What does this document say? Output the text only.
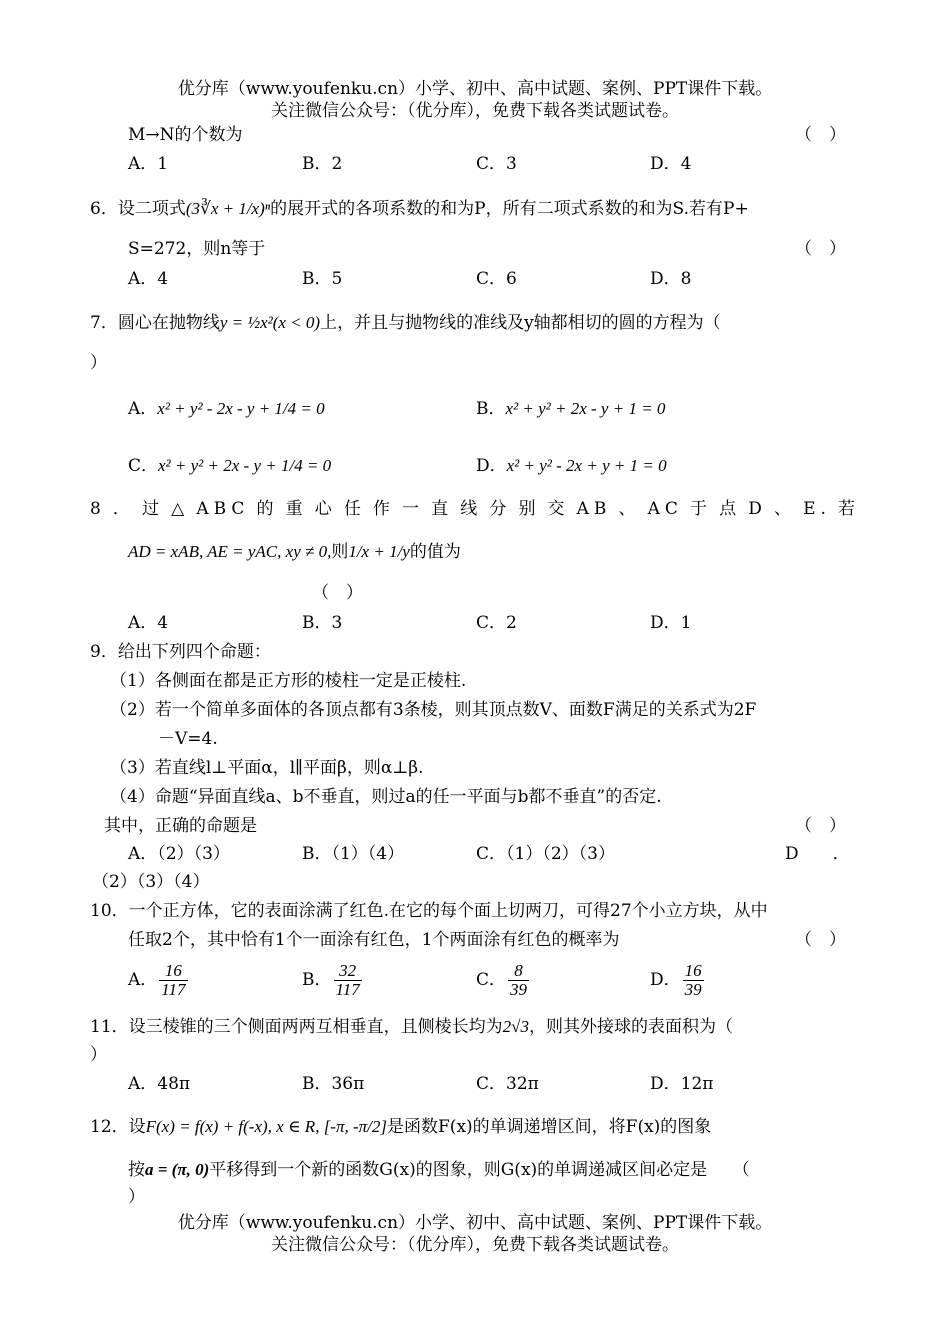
优分库（www.youfenku.cn）小学、初中、高中试题、案例、PPT课件下载。
关注微信公众号：（优分库），免费下载各类试题试卷。
M→N的个数为	（　）
A．1	B．2	C．3	D．4
6．设二项式(3∛x + 1/x)ⁿ的展开式的各项系数的和为P，所有二项式系数的和为S.若有P+
S=272，则n等于	（　）
A．4	B．5	C．6	D．8
7．圆心在抛物线y = ½x²(x < 0)上，并且与抛物线的准线及y轴都相切的圆的方程为（
）
A．x² + y² - 2x - y + 1/4 = 0	B．x² + y² + 2x - y + 1 = 0
C．x² + y² + 2x - y + 1/4 = 0	D．x² + y² - 2x + y + 1 = 0
8．过△ABC的重心任作一直线分别交AB、AC于点D、E.若
AD = xAB, AE = yAC, xy ≠ 0,则1/x + 1/y的值为
（　）
A．4	B．3	C．2	D．1
9．给出下列四个命题：
（1）各侧面在都是正方形的棱柱一定是正棱柱.
（2）若一个简单多面体的各顶点都有3条棱，则其顶点数V、面数F满足的关系式为2F
－V=4.
（3）若直线l⊥平面α，l∥平面β，则α⊥β.
（4）命题“异面直线a、b不垂直，则过a的任一平面与b都不垂直”的否定.
其中，正确的命题是	（　）
A．（2）（3）	B．（1）（4）	C．（1）（2）（3）	D　　．
（2）（3）（4）
10．一个正方体，它的表面涂满了红色.在它的每个面上切两刀，可得27个小立方块，从中
任取2个，其中恰有1个一面涂有红色，1个两面涂有红色的概率为	（　）
A． $\frac{16}{117}$	B． $\frac{32}{117}$	C． $\frac{8}{39}$	D． $\frac{16}{39}$
11．设三棱锥的三个侧面两两互相垂直，且侧棱长均为2√3，则其外接球的表面积为（
）
A．48π	B．36π	C．32π	D．12π
12．设F(x) = f(x) + f(-x), x ∈ R, [-π, -π/2]是函数F(x)的单调递增区间，将F(x)的图象
按a = (π, 0)平移得到一个新的函数G(x)的图象，则G(x)的单调递减区间必定是　　（
）
优分库（www.youfenku.cn）小学、初中、高中试题、案例、PPT课件下载。
关注微信公众号：（优分库），免费下载各类试题试卷。
